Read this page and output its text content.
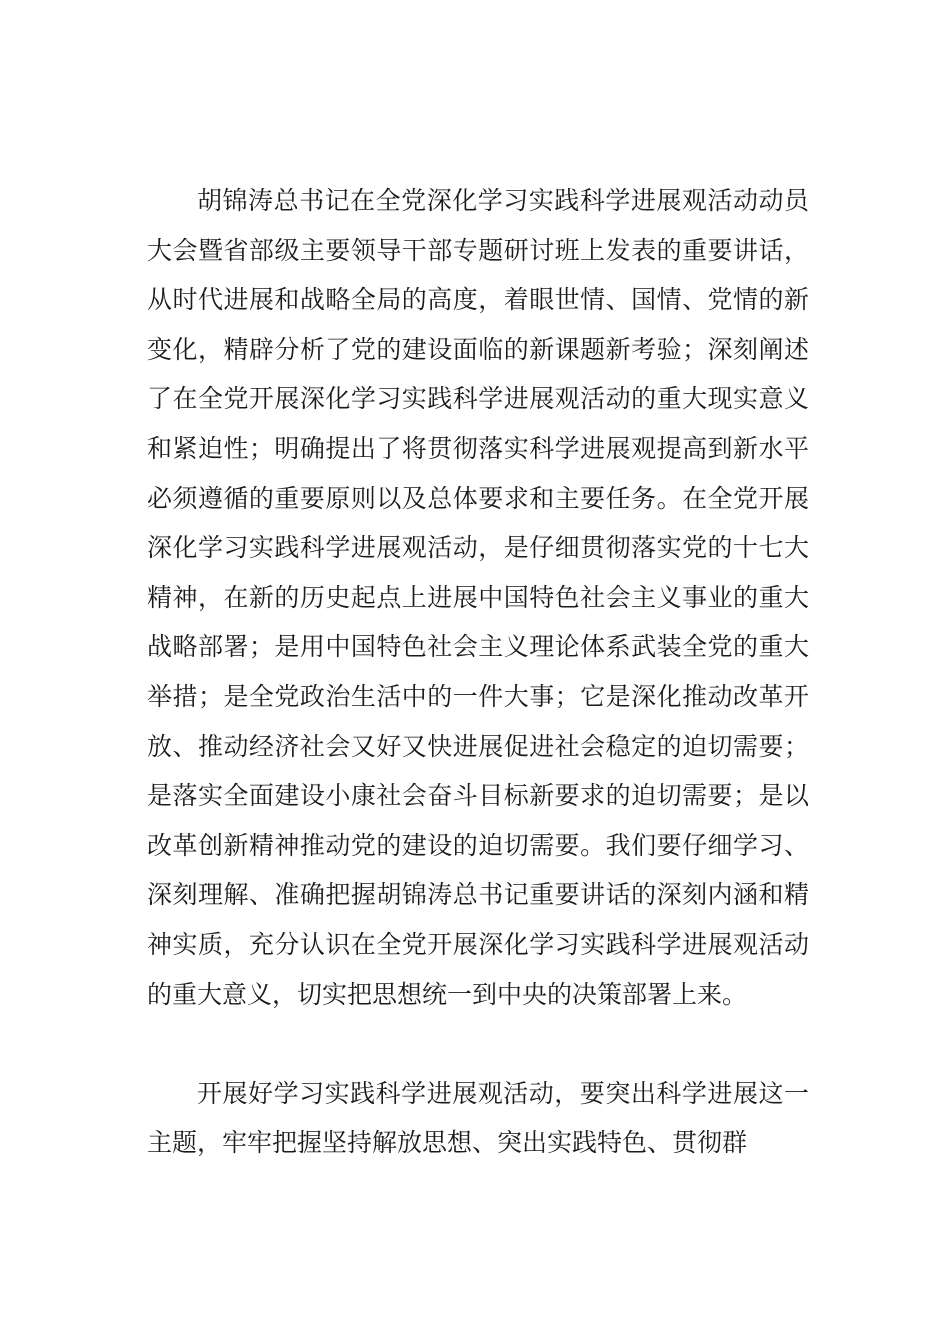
胡锦涛总书记在全党深化学习实践科学进展观活动动员大会暨省部级主要领导干部专题研讨班上发表的重要讲话，从时代进展和战略全局的高度，着眼世情、国情、党情的新变化，精辟分析了党的建设面临的新课题新考验；深刻阐述了在全党开展深化学习实践科学进展观活动的重大现实意义和紧迫性；明确提出了将贯彻落实科学进展观提高到新水平必须遵循的重要原则以及总体要求和主要任务。在全党开展深化学习实践科学进展观活动，是仔细贯彻落实党的十七大精神，在新的历史起点上进展中国特色社会主义事业的重大战略部署；是用中国特色社会主义理论体系武装全党的重大举措；是全党政治生活中的一件大事；它是深化推动改革开放、推动经济社会又好又快进展促进社会稳定的迫切需要；是落实全面建设小康社会奋斗目标新要求的迫切需要；是以改革创新精神推动党的建设的迫切需要。我们要仔细学习、深刻理解、准确把握胡锦涛总书记重要讲话的深刻内涵和精神实质，充分认识在全党开展深化学习实践科学进展观活动的重大意义，切实把思想统一到中央的决策部署上来。

开展好学习实践科学进展观活动，要突出科学进展这一主题，牢牢把握坚持解放思想、突出实践特色、贯彻群
